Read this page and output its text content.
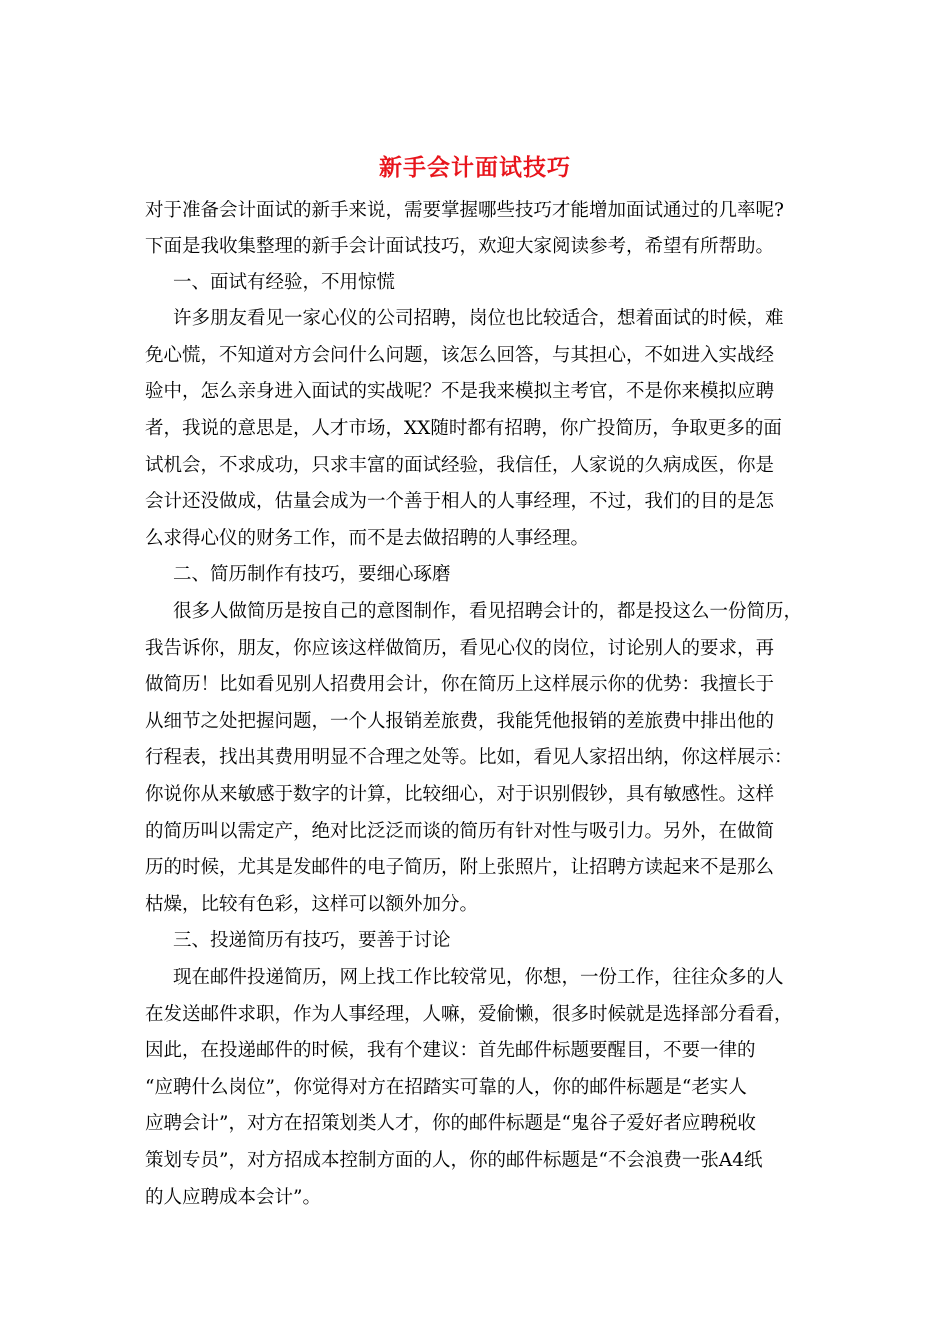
新手会计面试技巧
对于准备会计面试的新手来说，需要掌握哪些技巧才能增加面试通过的几率呢?
下面是我收集整理的新手会计面试技巧，欢迎大家阅读参考，希望有所帮助。
一、面试有经验，不用惊慌
许多朋友看见一家心仪的公司招聘，岗位也比较适合，想着面试的时候，难
免心慌，不知道对方会问什么问题，该怎么回答，与其担心，不如进入实战经
验中，怎么亲身进入面试的实战呢？不是我来模拟主考官，不是你来模拟应聘
者，我说的意思是，人才市场，XX随时都有招聘，你广投简历，争取更多的面
试机会，不求成功，只求丰富的面试经验，我信任，人家说的久病成医，你是
会计还没做成，估量会成为一个善于相人的人事经理，不过，我们的目的是怎
么求得心仪的财务工作，而不是去做招聘的人事经理。
二、简历制作有技巧，要细心琢磨
很多人做简历是按自己的意图制作，看见招聘会计的，都是投这么一份简历，
我告诉你，朋友，你应该这样做简历，看见心仪的岗位，讨论别人的要求，再
做简历！比如看见别人招费用会计，你在简历上这样展示你的优势：我擅长于
从细节之处把握问题，一个人报销差旅费，我能凭他报销的差旅费中排出他的
行程表，找出其费用明显不合理之处等。比如，看见人家招出纳，你这样展示：
你说你从来敏感于数字的计算，比较细心，对于识别假钞，具有敏感性。这样
的简历叫以需定产，绝对比泛泛而谈的简历有针对性与吸引力。另外，在做简
历的时候，尤其是发邮件的电子简历，附上张照片，让招聘方读起来不是那么
枯燥，比较有色彩，这样可以额外加分。
三、投递简历有技巧，要善于讨论
现在邮件投递简历，网上找工作比较常见，你想，一份工作，往往众多的人
在发送邮件求职，作为人事经理，人嘛，爱偷懒，很多时候就是选择部分看看，
因此，在投递邮件的时候，我有个建议：首先邮件标题要醒目，不要一律的
“应聘什么岗位”，你觉得对方在招踏实可靠的人，你的邮件标题是“老实人
应聘会计”，对方在招策划类人才，你的邮件标题是“鬼谷子爱好者应聘税收
策划专员”，对方招成本控制方面的人，你的邮件标题是“不会浪费一张A4纸
的人应聘成本会计”。
